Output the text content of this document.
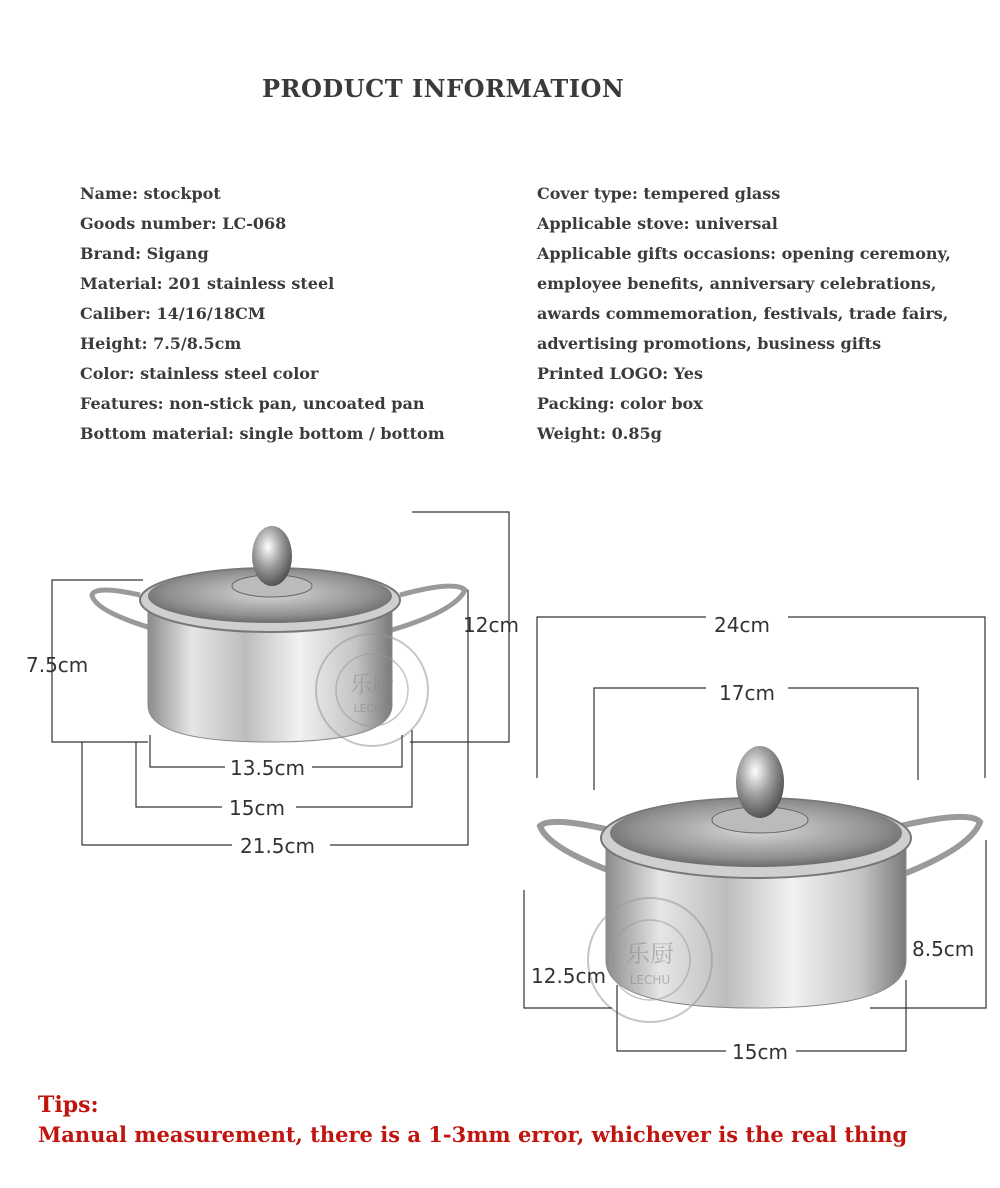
PRODUCT INFORMATION
Name: stockpot
Goods number: LC-068
Brand: Sigang
Material: 201 stainless steel
Caliber: 14/16/18CM
Height: 7.5/8.5cm
Color: stainless steel color
Features: non-stick pan, uncoated pan
Bottom material: single bottom / bottom
Cover type: tempered glass
Applicable stove: universal
Applicable gifts occasions: opening ceremony,
employee benefits, anniversary celebrations,
awards commemoration, festivals, trade fairs,
advertising promotions, business gifts
Printed LOGO: Yes
Packing: color box
Weight: 0.85g
乐厨
LECHU
7.5cm
12cm
13.5cm
15cm
21.5cm
乐厨
LECHU
24cm
17cm
12.5cm
8.5cm
15cm
Tips:
Manual measurement, there is a 1-3mm error, whichever is the real thing
